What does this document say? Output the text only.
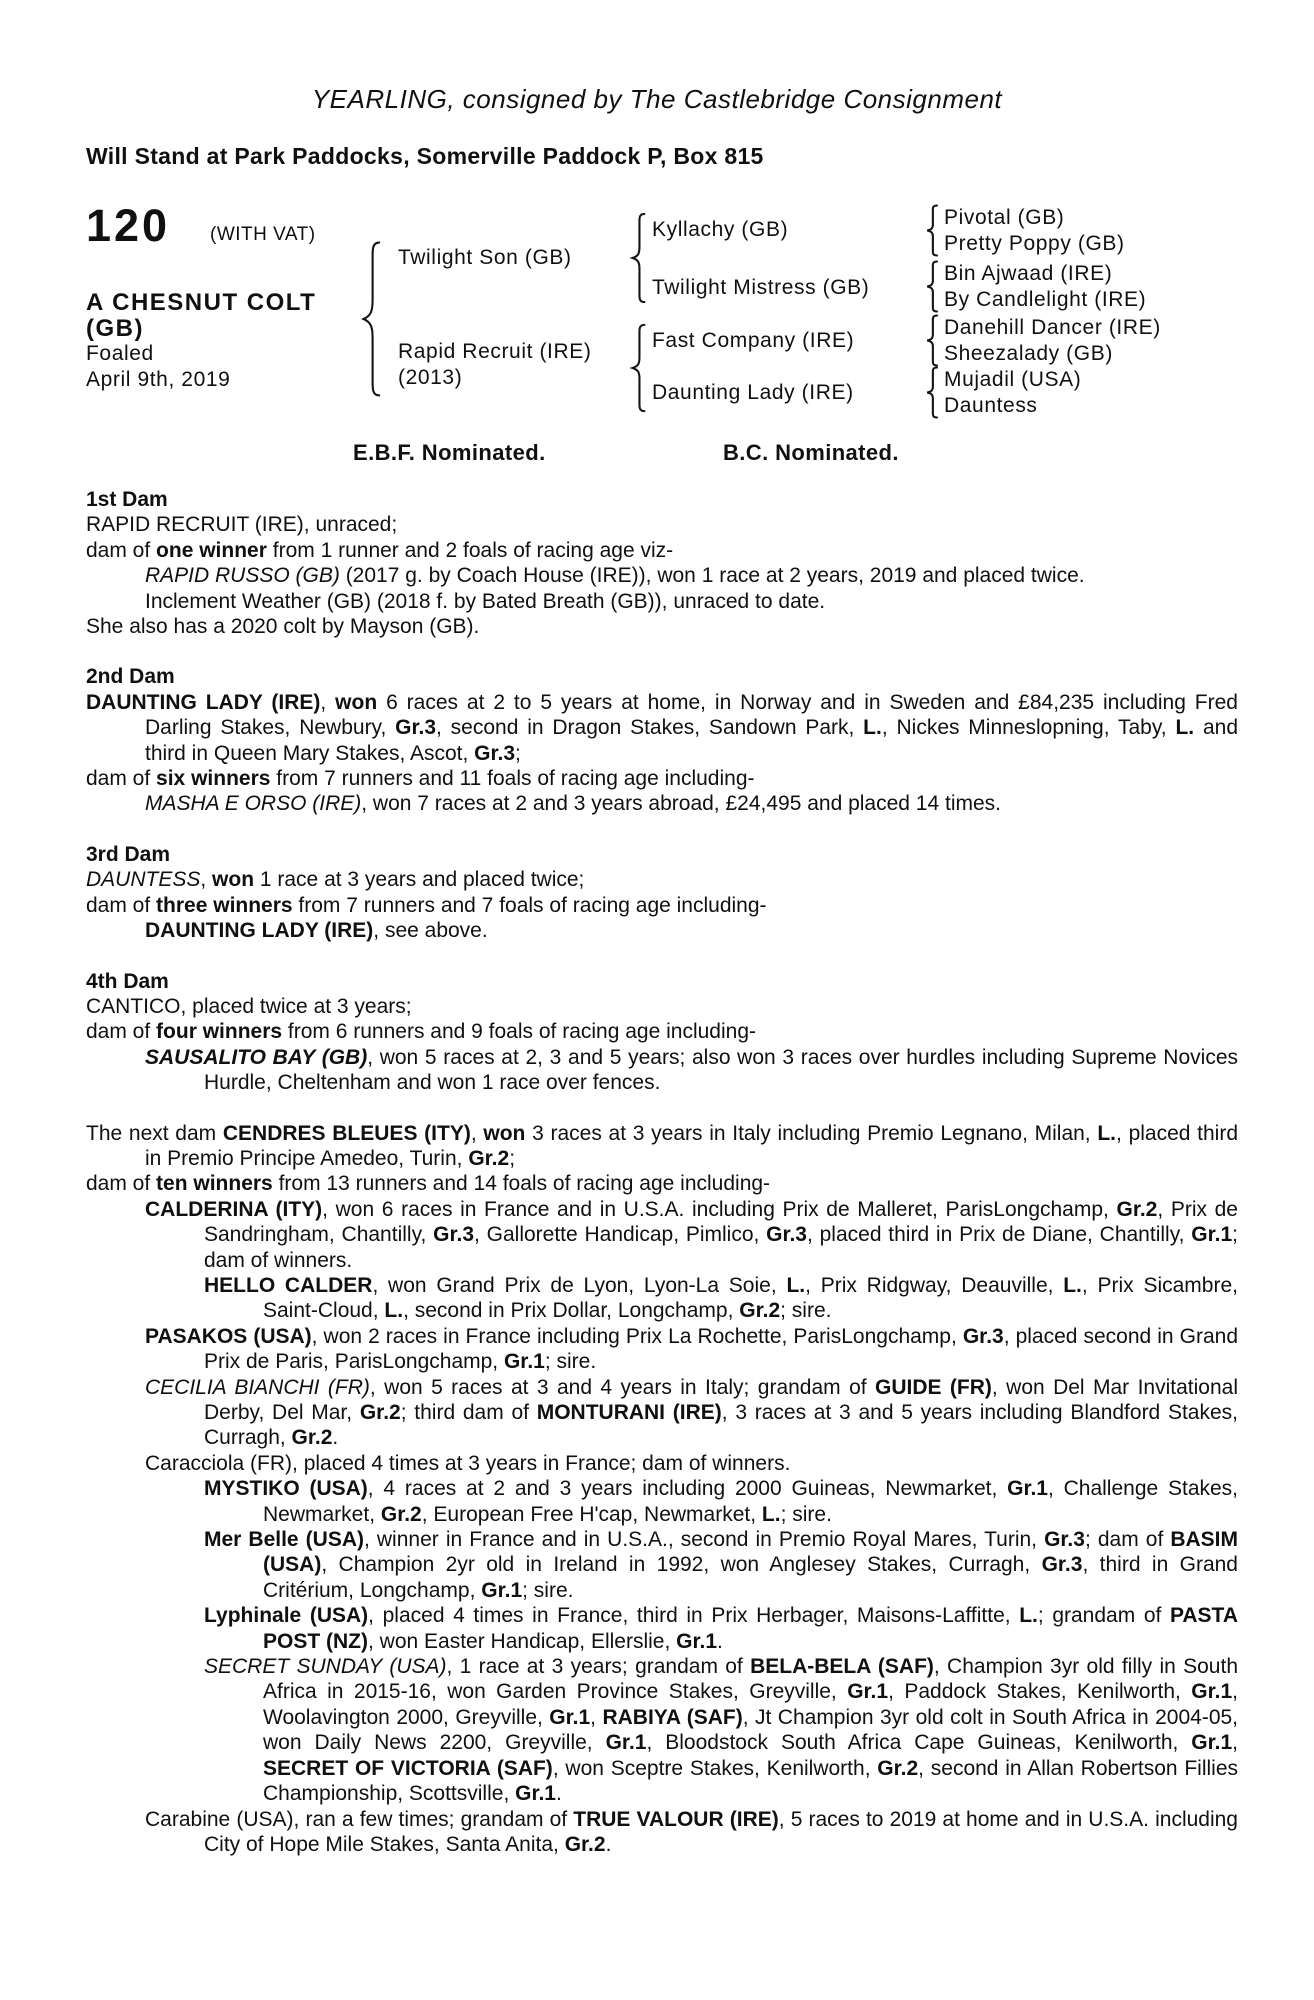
YEARLING, consigned by The Castlebridge Consignment
Will Stand at Park Paddocks, Somerville Paddock P, Box 815
120 (WITH VAT)
A CHESNUT COLT
(GB)
Foaled
April 9th, 2019
Twilight Son (GB)
Rapid Recruit (IRE)
(2013)
Kyllachy (GB)
Twilight Mistress (GB)
Fast Company (IRE)
Daunting Lady (IRE)
Pivotal (GB)
Pretty Poppy (GB)
Bin Ajwaad (IRE)
By Candlelight (IRE)
Danehill Dancer (IRE)
Sheezalady (GB)
Mujadil (USA)
Dauntess
E.B.F. Nominated.	B.C. Nominated.
1st Dam

RAPID RECRUIT (IRE), unraced;

dam of one winner from 1 runner and 2 foals of racing age viz-

RAPID RUSSO (GB) (2017 g. by Coach House (IRE)), won 1 race at 2 years, 2019 and placed twice.

Inclement Weather (GB) (2018 f. by Bated Breath (GB)), unraced to date.

She also has a 2020 colt by Mayson (GB).

2nd Dam

DAUNTING LADY (IRE), won 6 races at 2 to 5 years at home, in Norway and in Sweden and £84,235 including Fred Darling Stakes, Newbury, Gr.3, second in Dragon Stakes, Sandown Park, L., Nickes Minneslopning, Taby, L. and third in Queen Mary Stakes, Ascot, Gr.3;

dam of six winners from 7 runners and 11 foals of racing age including-

MASHA E ORSO (IRE), won 7 races at 2 and 3 years abroad, £24,495 and placed 14 times.

3rd Dam

DAUNTESS, won 1 race at 3 years and placed twice;

dam of three winners from 7 runners and 7 foals of racing age including-

DAUNTING LADY (IRE), see above.

4th Dam

CANTICO, placed twice at 3 years;

dam of four winners from 6 runners and 9 foals of racing age including-

SAUSALITO BAY (GB), won 5 races at 2, 3 and 5 years; also won 3 races over hurdles including Supreme Novices Hurdle, Cheltenham and won 1 race over fences.

The next dam CENDRES BLEUES (ITY), won 3 races at 3 years in Italy including Premio Legnano, Milan, L., placed third in Premio Principe Amedeo, Turin, Gr.2;

dam of ten winners from 13 runners and 14 foals of racing age including-

CALDERINA (ITY), won 6 races in France and in U.S.A. including Prix de Malleret, ParisLongchamp, Gr.2, Prix de Sandringham, Chantilly, Gr.3, Gallorette Handicap, Pimlico, Gr.3, placed third in Prix de Diane, Chantilly, Gr.1; dam of winners.

HELLO CALDER, won Grand Prix de Lyon, Lyon-La Soie, L., Prix Ridgway, Deauville, L., Prix Sicambre, Saint-Cloud, L., second in Prix Dollar, Longchamp, Gr.2; sire.

PASAKOS (USA), won 2 races in France including Prix La Rochette, ParisLongchamp, Gr.3, placed second in Grand Prix de Paris, ParisLongchamp, Gr.1; sire.

CECILIA BIANCHI (FR), won 5 races at 3 and 4 years in Italy; grandam of GUIDE (FR), won Del Mar Invitational Derby, Del Mar, Gr.2; third dam of MONTURANI (IRE), 3 races at 3 and 5 years including Blandford Stakes, Curragh, Gr.2.

Caracciola (FR), placed 4 times at 3 years in France; dam of winners.

MYSTIKO (USA), 4 races at 2 and 3 years including 2000 Guineas, Newmarket, Gr.1, Challenge Stakes, Newmarket, Gr.2, European Free H'cap, Newmarket, L.; sire.

Mer Belle (USA), winner in France and in U.S.A., second in Premio Royal Mares, Turin, Gr.3; dam of BASIM (USA), Champion 2yr old in Ireland in 1992, won Anglesey Stakes, Curragh, Gr.3, third in Grand Critérium, Longchamp, Gr.1; sire.

Lyphinale (USA), placed 4 times in France, third in Prix Herbager, Maisons-Laffitte, L.; grandam of PASTA POST (NZ), won Easter Handicap, Ellerslie, Gr.1.

SECRET SUNDAY (USA), 1 race at 3 years; grandam of BELA-BELA (SAF), Champion 3yr old filly in South Africa in 2015-16, won Garden Province Stakes, Greyville, Gr.1, Paddock Stakes, Kenilworth, Gr.1, Woolavington 2000, Greyville, Gr.1, RABIYA (SAF), Jt Champion 3yr old colt in South Africa in 2004-05, won Daily News 2200, Greyville, Gr.1, Bloodstock South Africa Cape Guineas, Kenilworth, Gr.1, SECRET OF VICTORIA (SAF), won Sceptre Stakes, Kenilworth, Gr.2, second in Allan Robertson Fillies Championship, Scottsville, Gr.1.

Carabine (USA), ran a few times; grandam of TRUE VALOUR (IRE), 5 races to 2019 at home and in U.S.A. including City of Hope Mile Stakes, Santa Anita, Gr.2.
